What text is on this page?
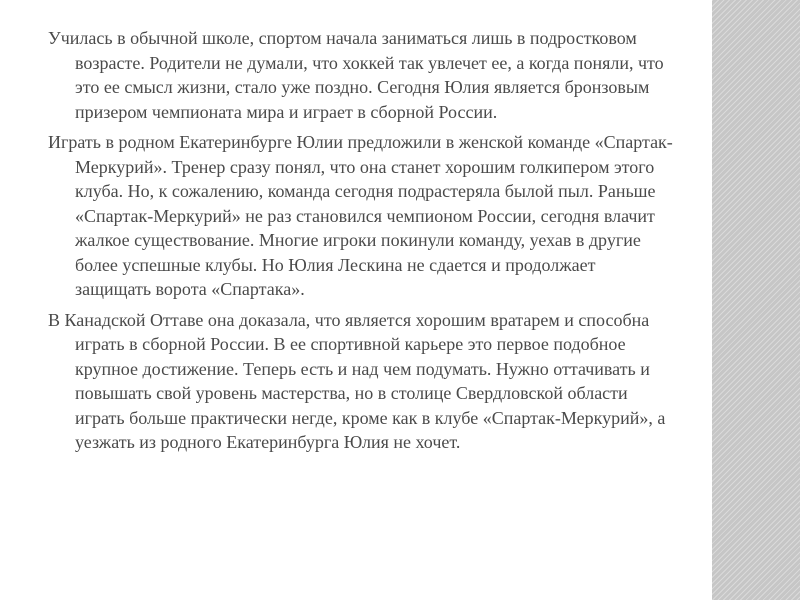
Училась в обычной школе, спортом начала заниматься лишь в подростковом возрасте. Родители не думали, что хоккей так увлечет ее, а когда поняли, что это ее смысл жизни, стало уже поздно. Сегодня Юлия является бронзовым призером чемпионата мира и играет в сборной России.

Играть в родном Екатеринбурге Юлии предложили в женской команде «Спартак-Меркурий». Тренер сразу понял, что она станет хорошим голкипером этого клуба. Но, к сожалению, команда сегодня подрастеряла былой пыл. Раньше «Спартак-Меркурий» не раз становился чемпионом России, сегодня влачит жалкое существование. Многие игроки покинули команду, уехав в другие более успешные клубы. Но Юлия Лескина не сдается и продолжает защищать ворота «Спартака».

В Канадской Оттаве она доказала, что является хорошим вратарем и способна играть в сборной России. В ее спортивной карьере это первое подобное крупное достижение. Теперь есть и над чем подумать. Нужно оттачивать и повышать свой уровень мастерства, но в столице Свердловской области играть больше практически негде, кроме как в клубе «Спартак-Меркурий», а уезжать из родного Екатеринбурга Юлия не хочет.
